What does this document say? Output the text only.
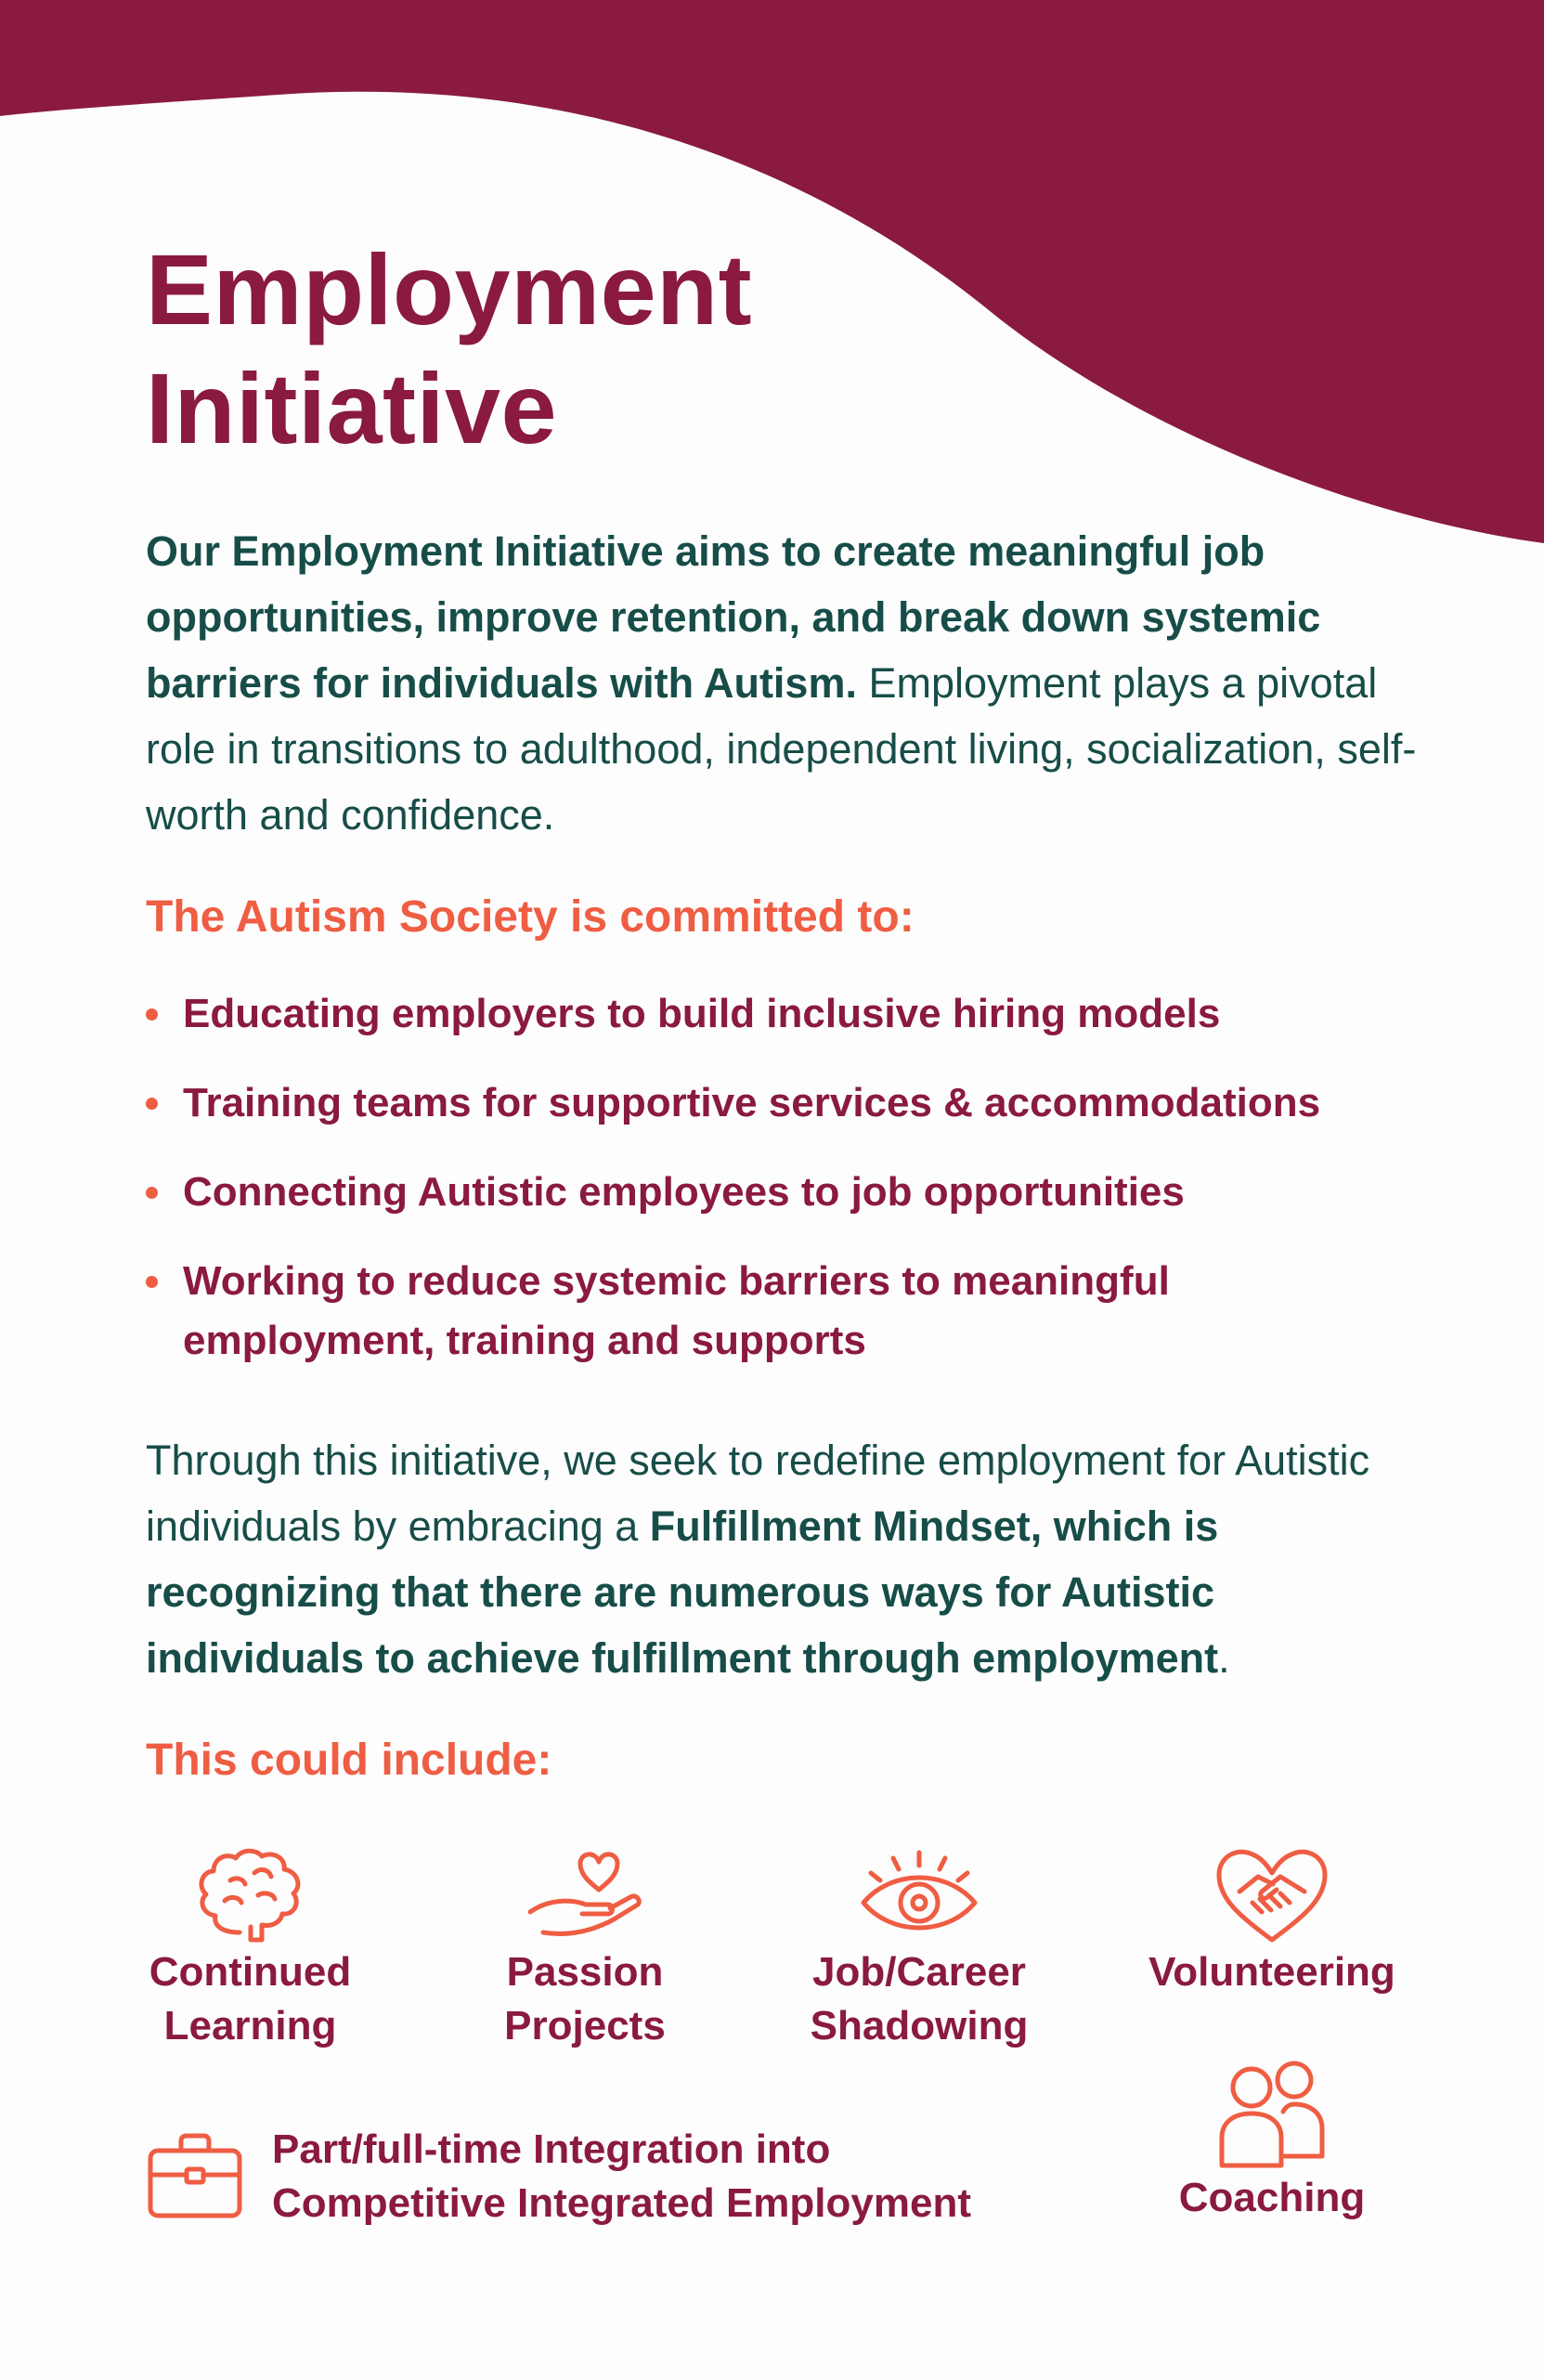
Employment
Initiative

Our Employment Initiative aims to create meaningful job opportunities, improve retention, and break down systemic barriers for individuals with Autism. Employment plays a pivotal role in transitions to adulthood, independent living, socialization, self-worth and confidence.

The Autism Society is committed to:
Educating employers to build inclusive hiring models
Training teams for supportive services & accommodations
Connecting Autistic employees to job opportunities
Working to reduce systemic barriers to meaningful employment, training and supports

Through this initiative, we seek to redefine employment for Autistic individuals by embracing a Fulfillment Mindset, which is recognizing that there are numerous ways for Autistic individuals to achieve fulfillment through employment.

This could include:
Continued
Learning
Passion
Projects
Job/Career
Shadowing
Volunteering
Part/full-time Integration into
Competitive Integrated Employment	Coaching
